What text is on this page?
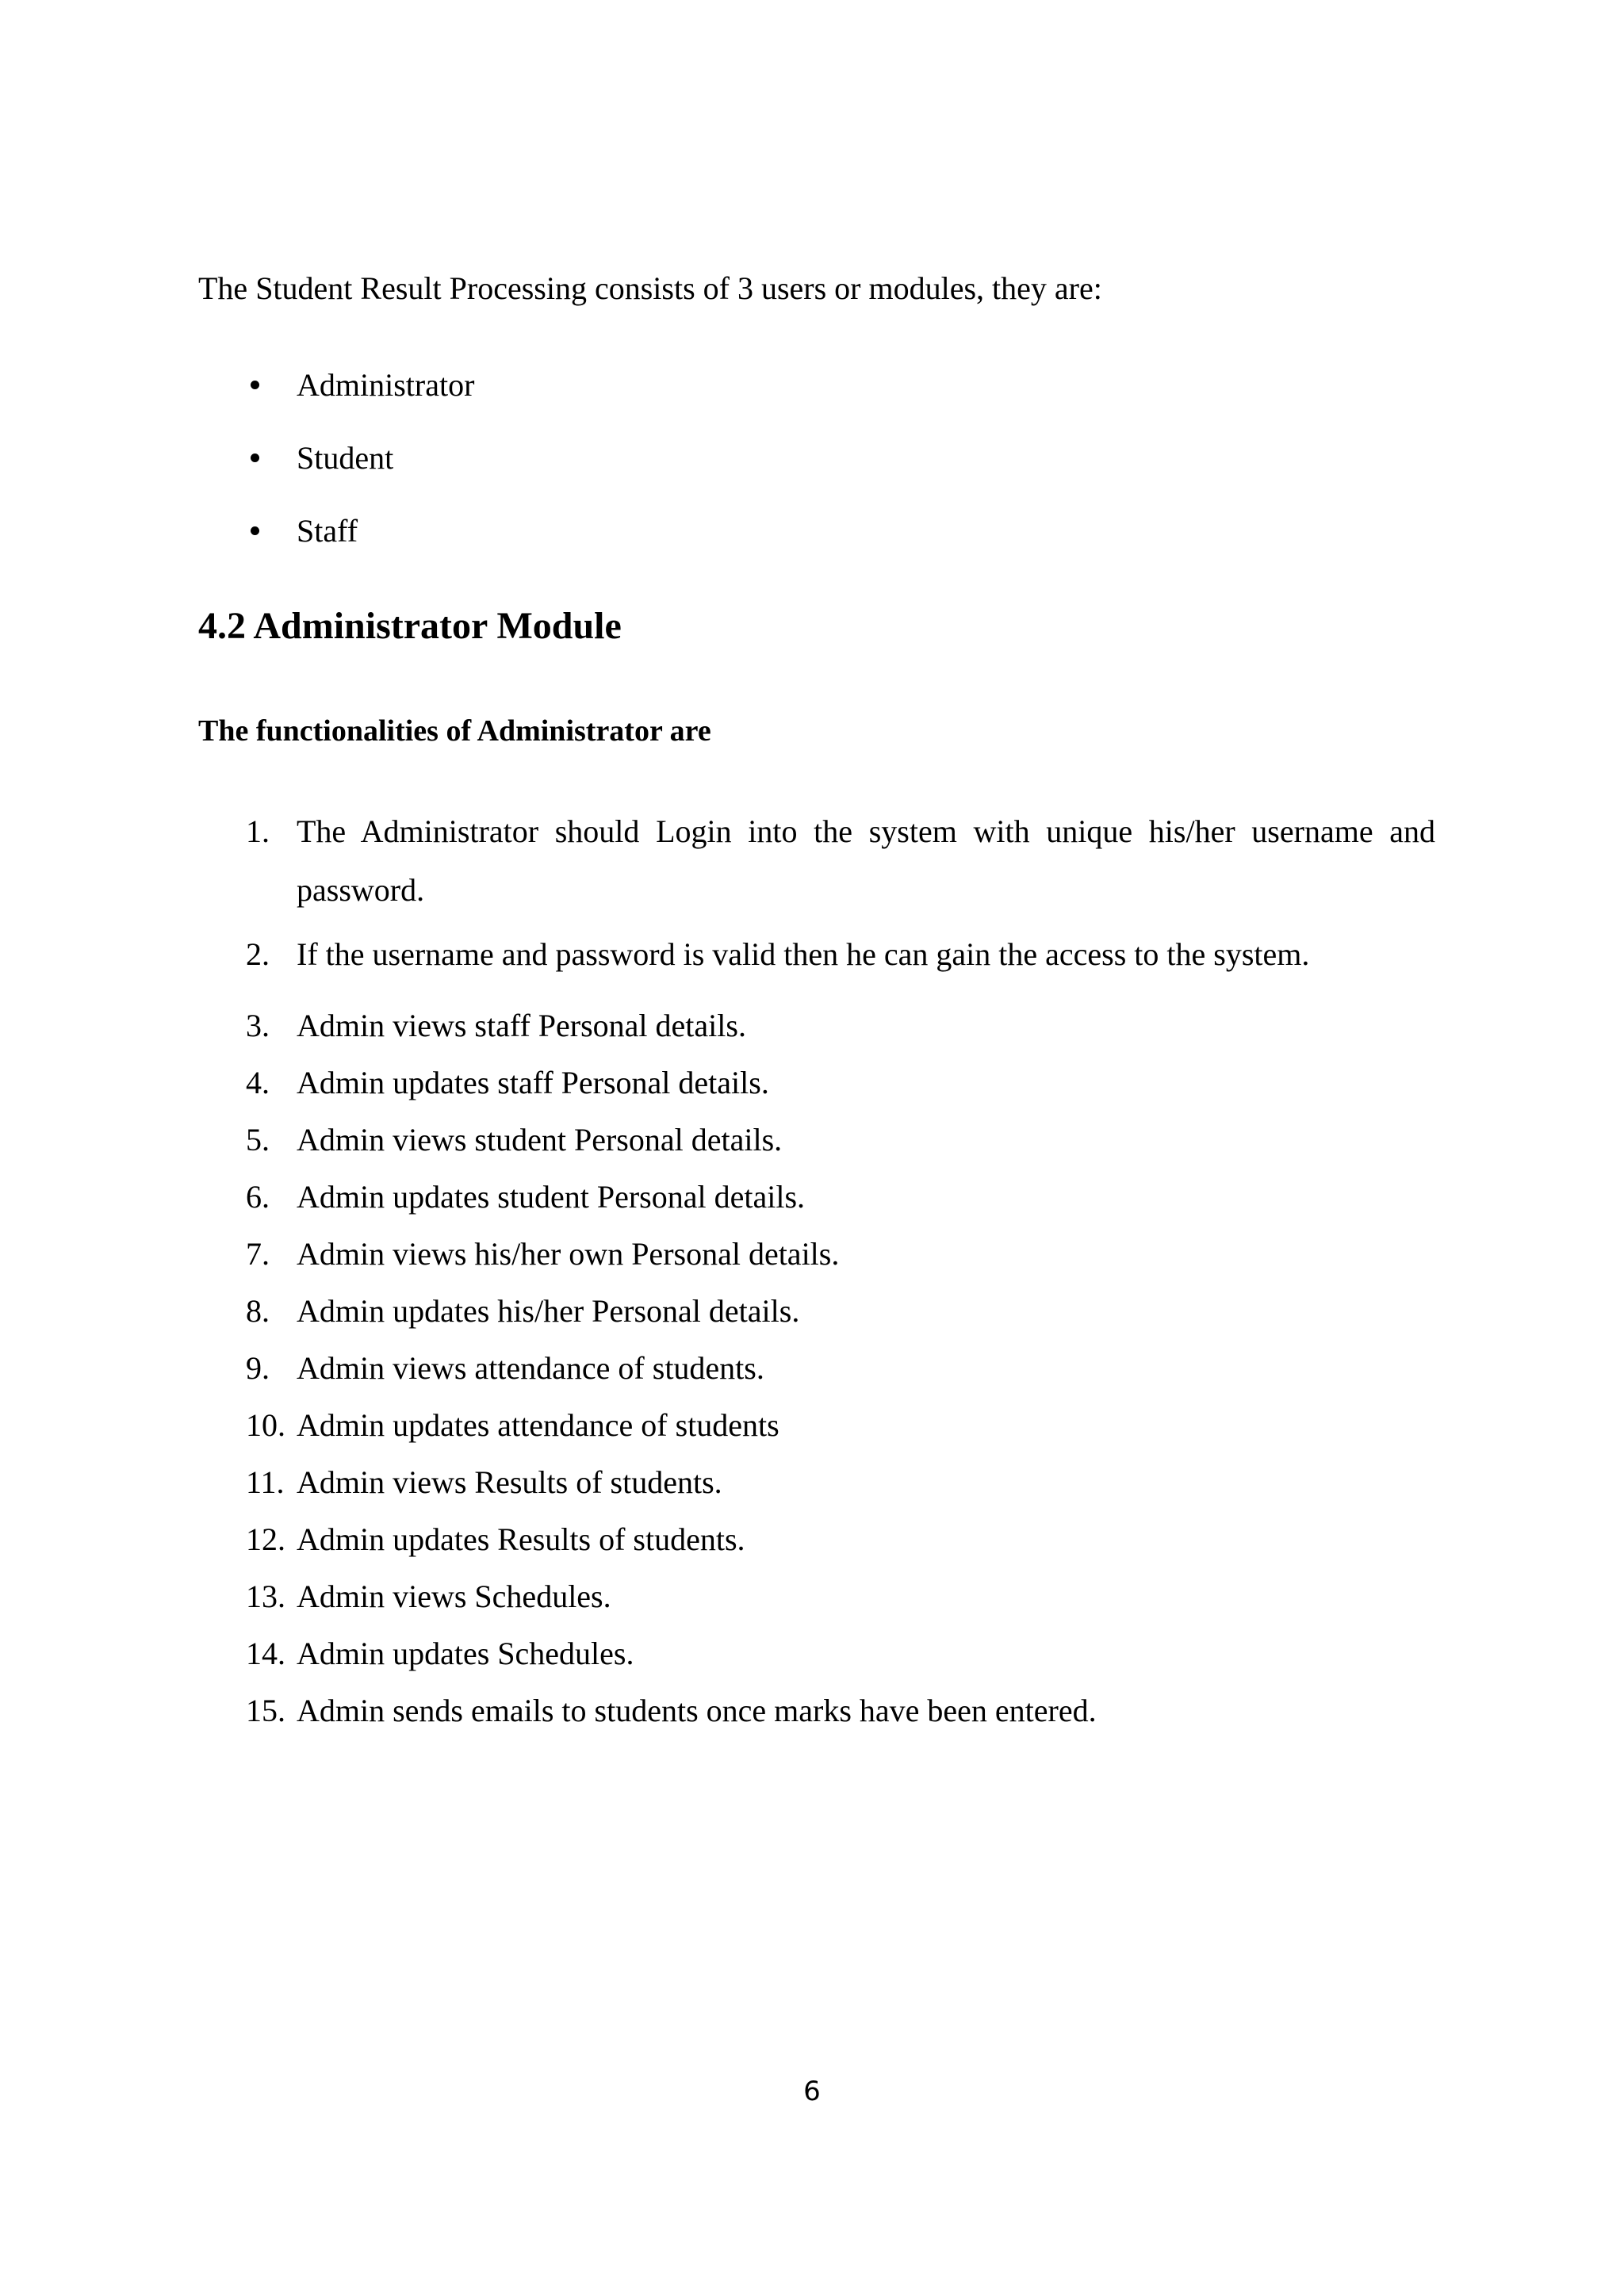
The Student Result Processing consists of 3 users or modules, they are:

Administrator
Student
Staff
4.2 Administrator Module
The functionalities of Administrator are
1. The Administrator should Login into the system with unique his/her username and password.
2. If the username and password is valid then he can gain the access to the system.
3. Admin views staff Personal details.
4. Admin updates staff Personal details.
5. Admin views student Personal details.
6. Admin updates student Personal details.
7. Admin views his/her own Personal details.
8. Admin updates his/her Personal details.
9. Admin views attendance of students.
10. Admin updates attendance of students
11. Admin views Results of students.
12. Admin updates Results of students.
13. Admin views Schedules.
14. Admin updates Schedules.
15. Admin sends emails to students once marks have been entered.
6
